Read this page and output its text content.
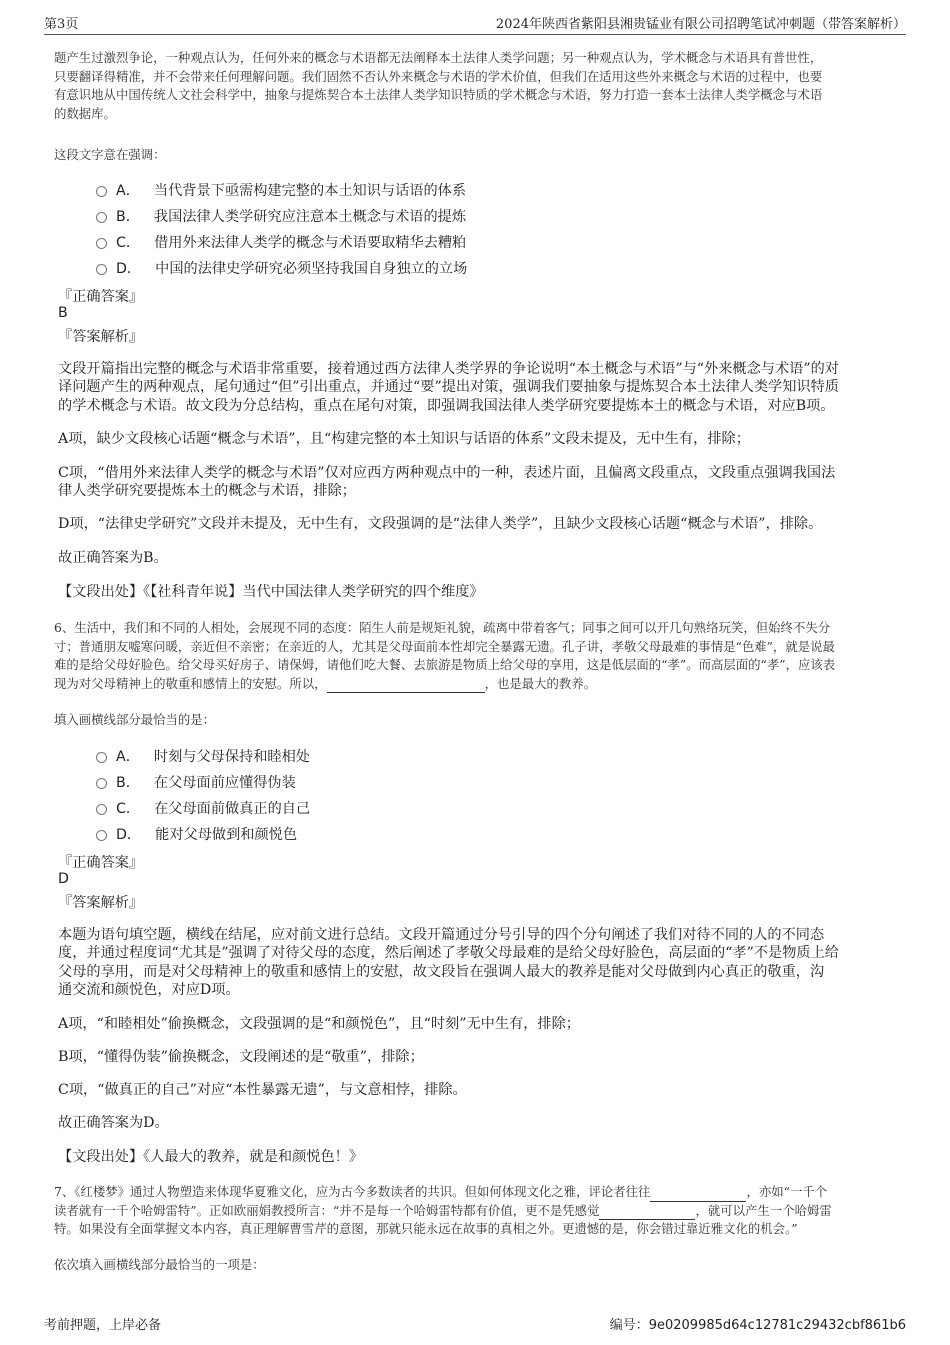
第3页	2024年陕西省紫阳县湘贵锰业有限公司招聘笔试冲刺题（带答案解析）
题产生过激烈争论，一种观点认为，任何外来的概念与术语都无法阐释本土法律人类学问题；另一种观点认为，学术概念与术语具有普世性，
只要翻译得精准，并不会带来任何理解问题。我们固然不否认外来概念与术语的学术价值，但我们在适用这些外来概念与术语的过程中，也要
有意识地从中国传统人文社会科学中，抽象与提炼契合本土法律人类学知识特质的学术概念与术语，努力打造一套本土法律人类学概念与术语
的数据库。
这段文字意在强调：
A． 当代背景下亟需构建完整的本土知识与话语的体系
B． 我国法律人类学研究应注意本土概念与术语的提炼
C． 借用外来法律人类学的概念与术语要取精华去糟粕
D． 中国的法律史学研究必须坚持我国自身独立的立场
『正确答案』
B
『答案解析』
文段开篇指出完整的概念与术语非常重要，接着通过西方法律人类学界的争论说明“本土概念与术语”与“外来概念与术语”的对
译问题产生的两种观点，尾句通过“但”引出重点，并通过“要”提出对策，强调我们要抽象与提炼契合本土法律人类学知识特质
的学术概念与术语。故文段为分总结构，重点在尾句对策，即强调我国法律人类学研究要提炼本土的概念与术语，对应B项。
A项，缺少文段核心话题“概念与术语”，且“构建完整的本土知识与话语的体系”文段未提及，无中生有，排除；
C项，“借用外来法律人类学的概念与术语”仅对应西方两种观点中的一种，表述片面，且偏离文段重点，文段重点强调我国法
律人类学研究要提炼本土的概念与术语，排除；
D项，“法律史学研究”文段并未提及，无中生有，文段强调的是“法律人类学”，且缺少文段核心话题“概念与术语”，排除。
故正确答案为B。
【文段出处】《【社科青年说】当代中国法律人类学研究的四个维度》
6、生活中，我们和不同的人相处，会展现不同的态度：陌生人前是规矩礼貌，疏离中带着客气；同事之间可以开几句熟络玩笑，但始终不失分
寸；普通朋友嘘寒问暖，亲近但不亲密；在亲近的人，尤其是父母面前本性却完全暴露无遗。孔子讲，孝敬父母最难的事情是“色难”，就是说最
难的是给父母好脸色。给父母买好房子、请保姆，请他们吃大餐、去旅游是物质上给父母的享用，这是低层面的“孝”。而高层面的“孝”，应该表
现为对父母精神上的敬重和感情上的安慰。所以，	，也是最大的教养。
填入画横线部分最恰当的是：
A． 时刻与父母保持和睦相处
B． 在父母面前应懂得伪装
C． 在父母面前做真正的自己
D． 能对父母做到和颜悦色
『正确答案』
D
『答案解析』
本题为语句填空题，横线在结尾，应对前文进行总结。文段开篇通过分号引导的四个分句阐述了我们对待不同的人的不同态
度，并通过程度词“尤其是”强调了对待父母的态度，然后阐述了孝敬父母最难的是给父母好脸色，高层面的“孝”不是物质上给
父母的享用，而是对父母精神上的敬重和感情上的安慰，故文段旨在强调人最大的教养是能对父母做到内心真正的敬重，沟
通交流和颜悦色，对应D项。
A项，“和睦相处”偷换概念，文段强调的是“和颜悦色”，且“时刻”无中生有，排除；
B项，“懂得伪装”偷换概念，文段阐述的是“敬重”，排除；
C项，“做真正的自己”对应“本性暴露无遗”，与文意相悖，排除。
故正确答案为D。
【文段出处】《人最大的教养，就是和颜悦色！》
7、《红楼梦》通过人物塑造来体现华夏雅文化，应为古今多数读者的共识。但如何体现文化之雅，评论者往往	，亦如“一千个
读者就有一千个哈姆雷特”。正如欧丽娟教授所言：“并不是每一个哈姆雷特都有价值，更不是凭感觉	，就可以产生一个哈姆雷
特。如果没有全面掌握文本内容，真正理解曹雪芹的意图，那就只能永远在故事的真相之外。更遗憾的是，你会错过靠近雅文化的机会。”
依次填入画横线部分最恰当的一项是：
考前押题，上岸必备	编号：9e0209985d64c12781c29432cbf861b6
